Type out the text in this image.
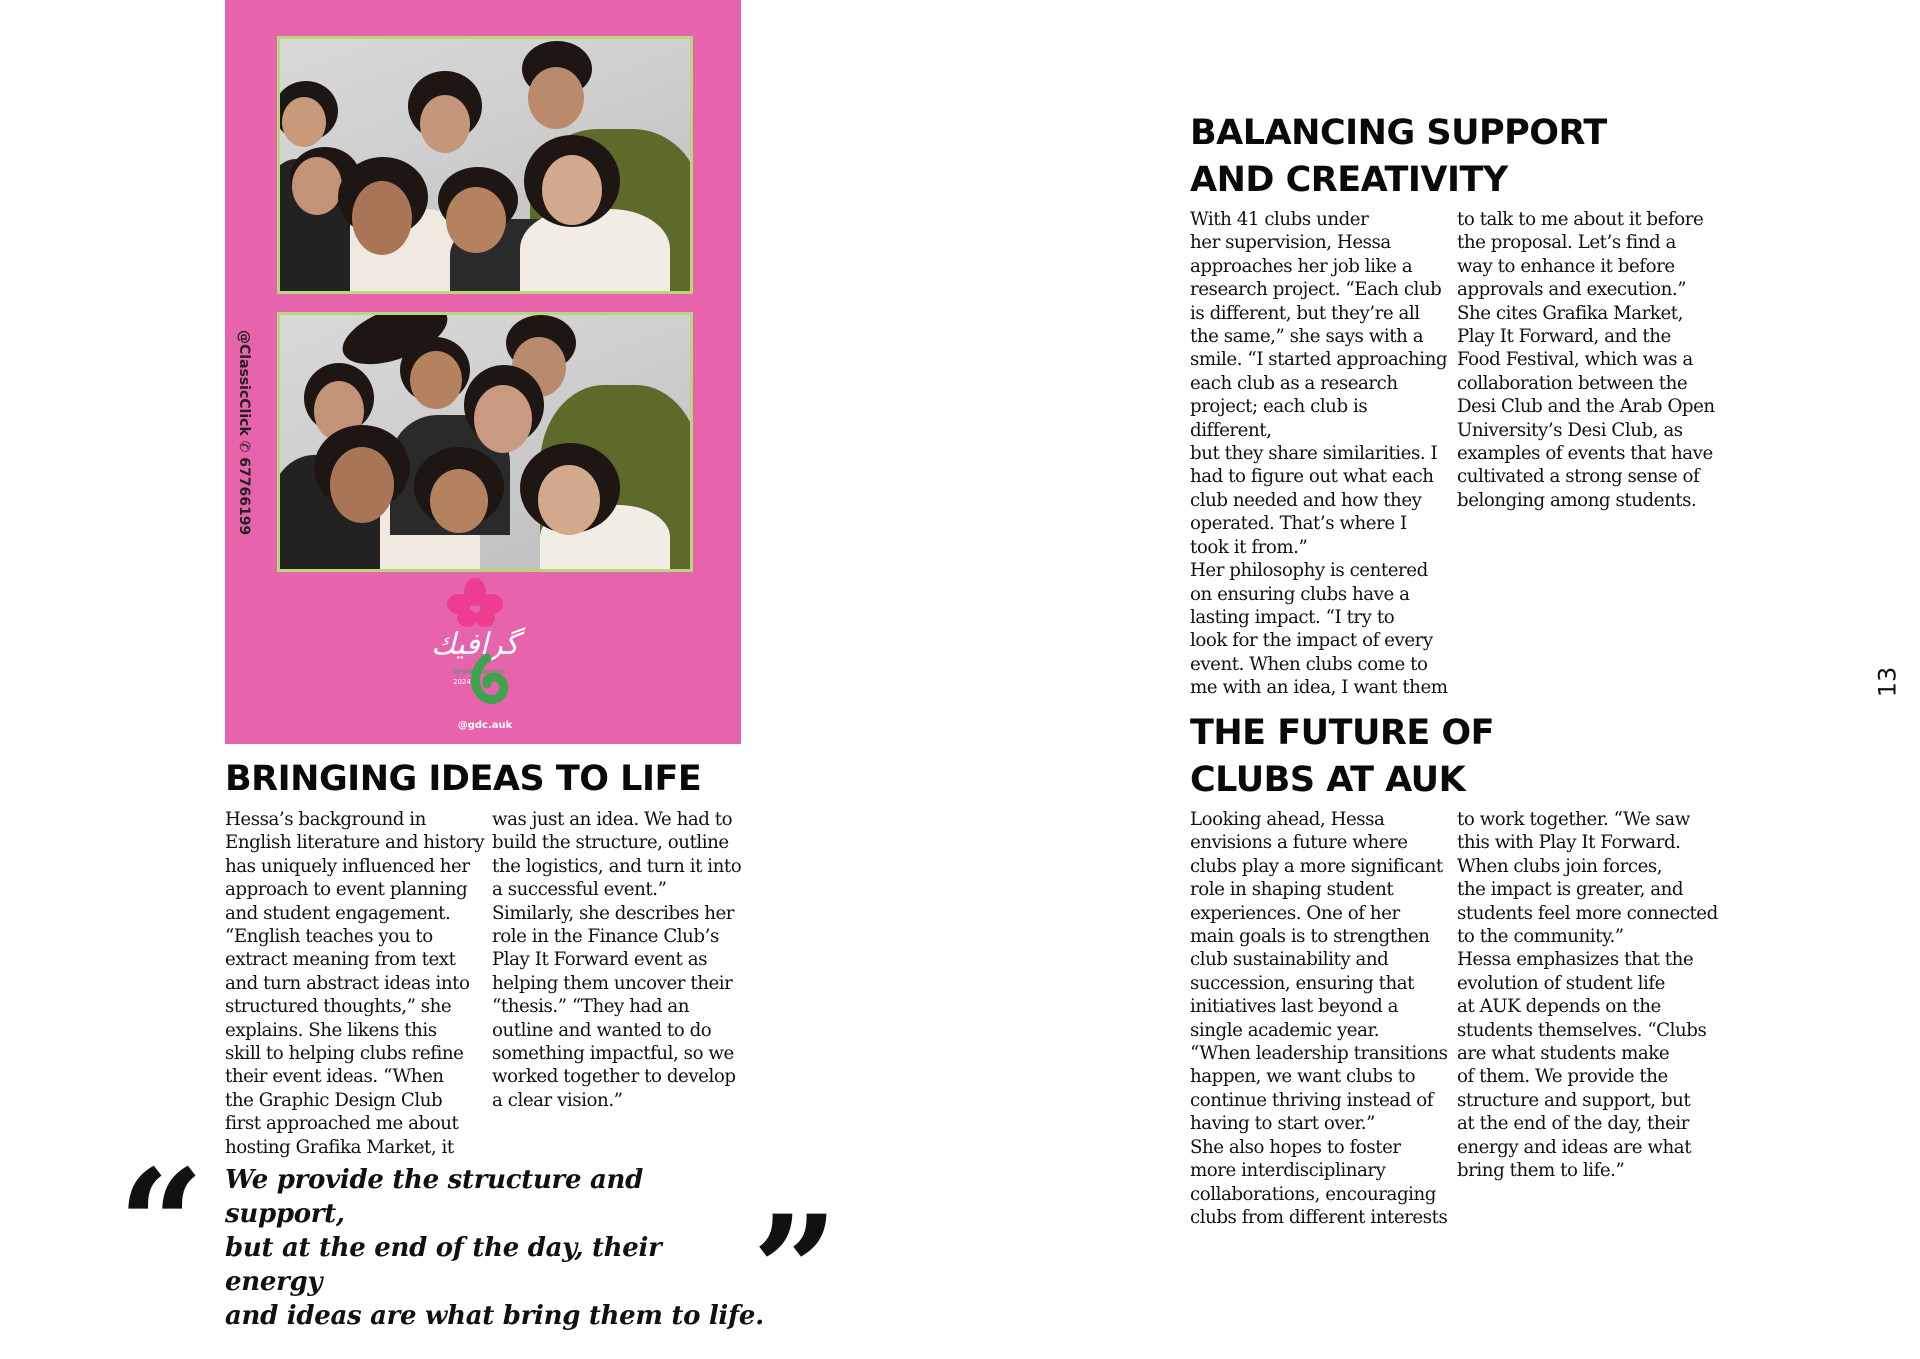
@ClassicClick ✆ 67766199
گرافيك
Grafika Market
2024
@gdc.auk
BRINGING IDEAS TO LIFE

Hessa’s background in
English literature and history
has uniquely influenced her
approach to event planning
and student engagement.
“English teaches you to
extract meaning from text
and turn abstract ideas into
structured thoughts,” she
explains. She likens this
skill to helping clubs refine
their event ideas. “When
the Graphic Design Club
first approached me about
hosting Grafika Market, it

was just an idea. We had to
build the structure, outline
the logistics, and turn it into
a successful event.”
Similarly, she describes her
role in the Finance Club’s
Play It Forward event as
helping them uncover their
“thesis.” “They had an
outline and wanted to do
something impactful, so we
worked together to develop
a clear vision.”

“ We provide the structure and support,
but at the end of the day, their energy
and ideas are what bring them to life.

”
BALANCING SUPPORT
AND CREATIVITY

With 41 clubs under
her supervision, Hessa
approaches her job like a
research project. “Each club
is different, but they’re all
the same,” she says with a
smile. “I started approaching
each club as a research
project; each club is different,
but they share similarities. I
had to figure out what each
club needed and how they
operated. That’s where I
took it from.”
Her philosophy is centered
on ensuring clubs have a
lasting impact. “I try to
look for the impact of every
event. When clubs come to
me with an idea, I want them

to talk to me about it before
the proposal. Let’s find a
way to enhance it before
approvals and execution.”
She cites Grafika Market,
Play It Forward, and the
Food Festival, which was a
collaboration between the
Desi Club and the Arab Open
University’s Desi Club, as
examples of events that have
cultivated a strong sense of
belonging among students.

THE FUTURE OF
CLUBS AT AUK

Looking ahead, Hessa
envisions a future where
clubs play a more significant
role in shaping student
experiences. One of her
main goals is to strengthen
club sustainability and
succession, ensuring that
initiatives last beyond a
single academic year.
“When leadership transitions
happen, we want clubs to
continue thriving instead of
having to start over.”
She also hopes to foster
more interdisciplinary
collaborations, encouraging
clubs from different interests

to work together. “We saw
this with Play It Forward.
When clubs join forces,
the impact is greater, and
students feel more connected
to the community.”
Hessa emphasizes that the
evolution of student life
at AUK depends on the
students themselves. “Clubs
are what students make
of them. We provide the
structure and support, but
at the end of the day, their
energy and ideas are what
bring them to life.”

13
